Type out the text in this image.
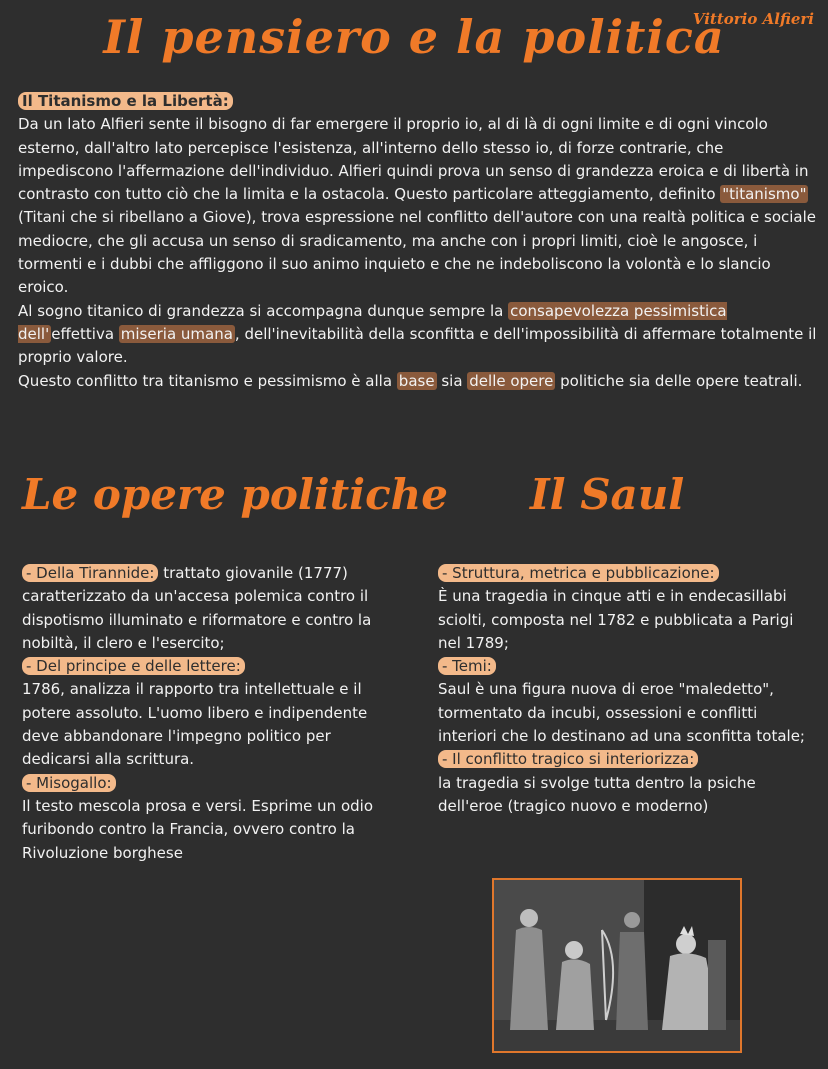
Il pensiero e la politica
Vittorio Alfieri
Il Titanismo e la Libertà:
Da un lato Alfieri sente il bisogno di far emergere il proprio io, al di là di ogni limite e di ogni vincolo esterno, dall'altro lato percepisce l'esistenza, all'interno dello stesso io, di forze contrarie, che impediscono l'affermazione dell'individuo. Alfieri quindi prova un senso di grandezza eroica e di libertà in contrasto con tutto ciò che la limita e la ostacola. Questo particolare atteggiamento, definito "titanismo" (Titani che si ribellano a Giove), trova espressione nel conflitto dell'autore con una realtà politica e sociale mediocre, che gli accusa un senso di sradicamento, ma anche con i propri limiti, cioè le angosce, i tormenti e i dubbi che affliggono il suo animo inquieto e che ne indeboliscono la volontà e lo slancio eroico.
Al sogno titanico di grandezza si accompagna dunque sempre la consapevolezza pessimistica dell' effettiva miseria umana , dell'inevitabilità della sconfitta e dell'impossibilità di affermare totalmente il proprio valore.
Questo conflitto tra titanismo e pessimismo è alla base sia delle opere politiche sia delle opere teatrali.
Le opere politiche Il Saul

- Della Tirannide: trattato giovanile (1777) caratterizzato da un'accesa polemica contro il dispotismo illuminato e riformatore e contro la nobiltà, il clero e l'esercito;

- Del principe e delle lettere:
1786, analizza il rapporto tra intellettuale e il potere assoluto. L'uomo libero e indipendente deve abbandonare l'impegno politico per dedicarsi alla scrittura.

- Misogallo:
Il testo mescola prosa e versi. Esprime un odio furibondo contro la Francia, ovvero contro la Rivoluzione borghese

- Struttura, metrica e pubblicazione:
È una tragedia in cinque atti e in endecasillabi sciolti, composta nel 1782 e pubblicata a Parigi nel 1789;

- Temi:
Saul è una figura nuova di eroe "maledetto", tormentato da incubi, ossessioni e conflitti interiori che lo destinano ad una sconfitta totale;

- Il conflitto tragico si interiorizza:
la tragedia si svolge tutta dentro la psiche dell'eroe (tragico nuovo e moderno)
